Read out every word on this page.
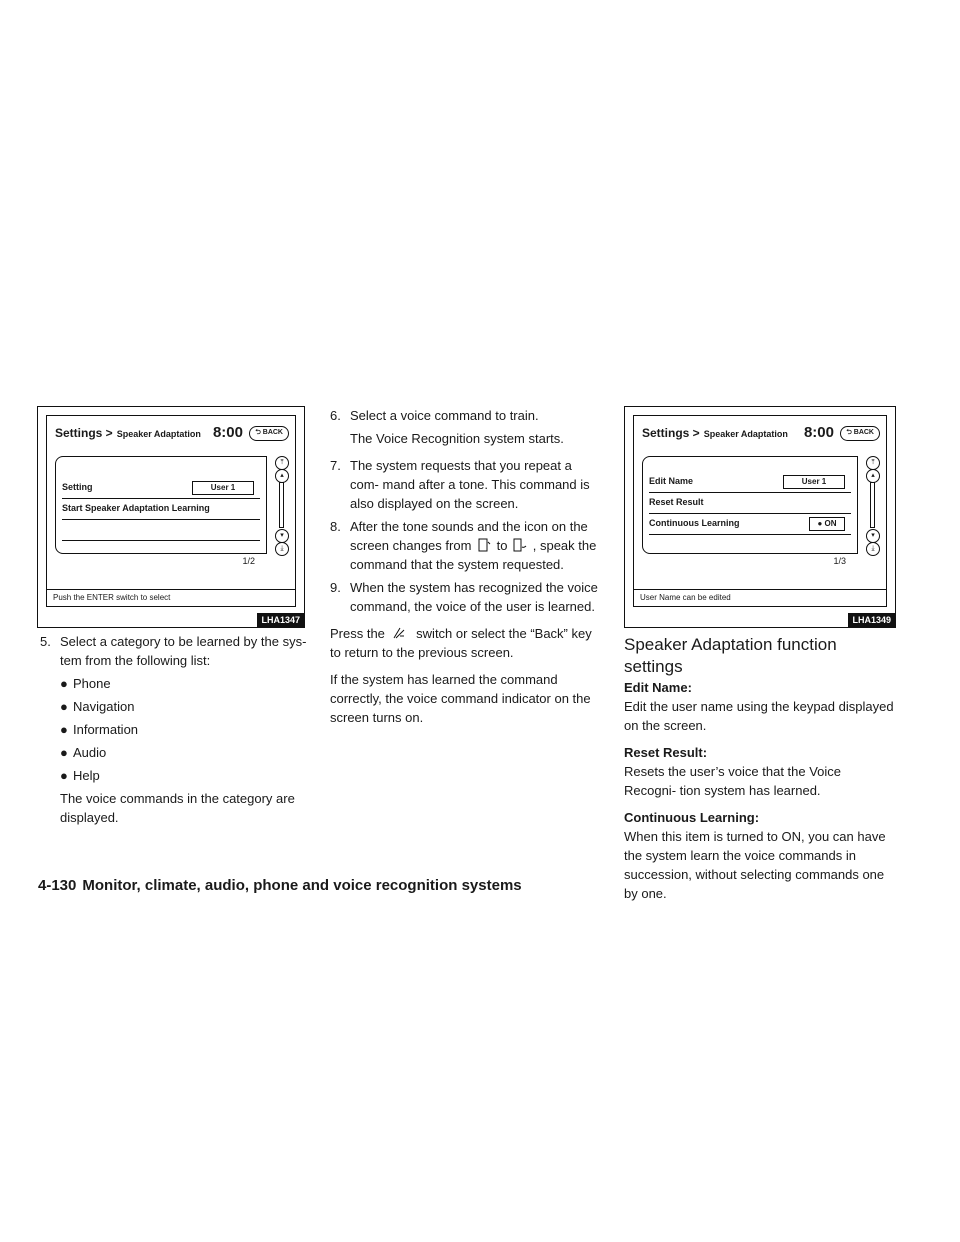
Settings > Speaker Adaptation 8:00	⮌ BACK
Setting	User 1
Start Speaker Adaptation Learning
⤒
▴
▾
⤓
1/2
Push the ENTER switch to select
LHA1347
5. Select a category to be learned by the sys- tem from the following list:
● Phone
● Navigation
● Information
● Audio
● Help

The voice commands in the category are displayed.

6. Select a voice command to train.

The Voice Recognition system starts.

7. The system requests that you repeat a com- mand after a tone. This command is also displayed on the screen.
8. After the tone sounds and the icon on the screen changes from to , speak the command that the system requested.
9. When the system has recognized the voice command, the voice of the user is learned.

Press the switch or select the “Back” key to return to the previous screen.

If the system has learned the command correctly, the voice command indicator on the screen turns on.

Settings > Speaker Adaptation 8:00	⮌ BACK
Edit Name	User 1
Reset Result
Continuous Learning	● ON
⤒
▴
▾
⤓
1/3
User Name can be edited
LHA1349

Speaker Adaptation function settings

Edit Name:

Edit the user name using the keypad displayed on the screen.

Reset Result:

Resets the user’s voice that the Voice Recogni- tion system has learned.

Continuous Learning:

When this item is turned to ON, you can have the system learn the voice commands in succession, without selecting commands one by one.

4-130 Monitor, climate, audio, phone and voice recognition systems
